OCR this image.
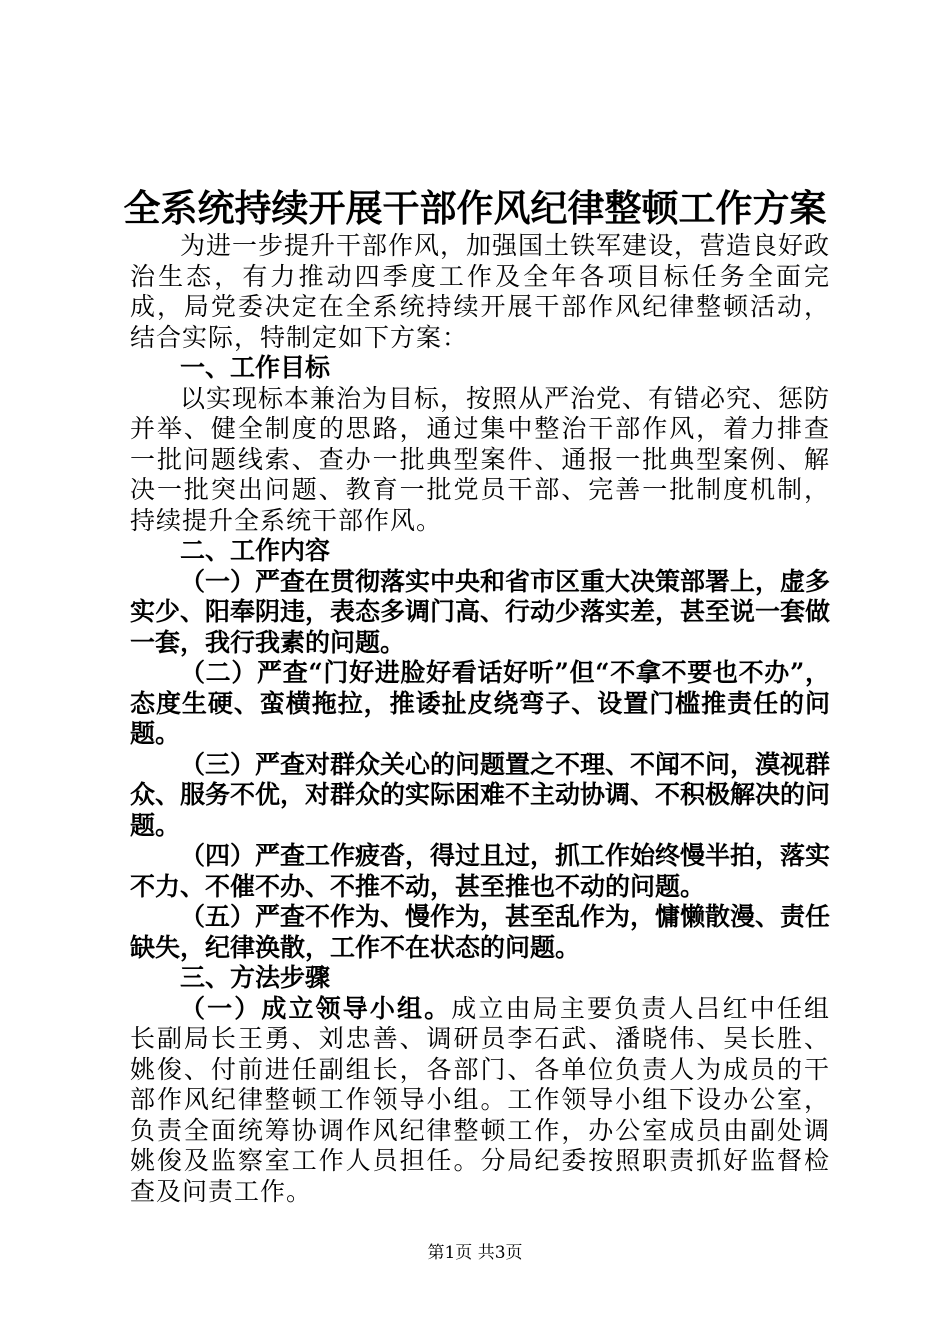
全系统持续开展干部作风纪律整顿工作方案

为进一步提升干部作风，加强国土铁军建设，营造良好政治生态，有力推动四季度工作及全年各项目标任务全面完成，局党委决定在全系统持续开展干部作风纪律整顿活动，结合实际，特制定如下方案：

一、工作目标

以实现标本兼治为目标，按照从严治党、有错必究、惩防并举、健全制度的思路，通过集中整治干部作风，着力排查一批问题线索、查办一批典型案件、通报一批典型案例、解决一批突出问题、教育一批党员干部、完善一批制度机制，持续提升全系统干部作风。

二、工作内容

（一）严查在贯彻落实中央和省市区重大决策部署上，虚多实少、阳奉阴违，表态多调门高、行动少落实差，甚至说一套做一套，我行我素的问题。

（二）严查“门好进脸好看话好听”但“不拿不要也不办”，态度生硬、蛮横拖拉，推诿扯皮绕弯子、设置门槛推责任的问题。

（三）严查对群众关心的问题置之不理、不闻不问，漠视群众、服务不优，对群众的实际困难不主动协调、不积极解决的问题。

（四）严查工作疲沓，得过且过，抓工作始终慢半拍，落实不力、不催不办、不推不动，甚至推也不动的问题。

（五）严查不作为、慢作为，甚至乱作为，慵懒散漫、责任缺失，纪律涣散，工作不在状态的问题。

三、方法步骤

（一）成立领导小组。成立由局主要负责人吕红中任组长副局长王勇、刘忠善、调研员李石武、潘晓伟、吴长胜、姚俊、付前进任副组长，各部门、各单位负责人为成员的干部作风纪律整顿工作领导小组。工作领导小组下设办公室，负责全面统筹协调作风纪律整顿工作，办公室成员由副处调姚俊及监察室工作人员担任。分局纪委按照职责抓好监督检查及问责工作。

第1页 共3页
